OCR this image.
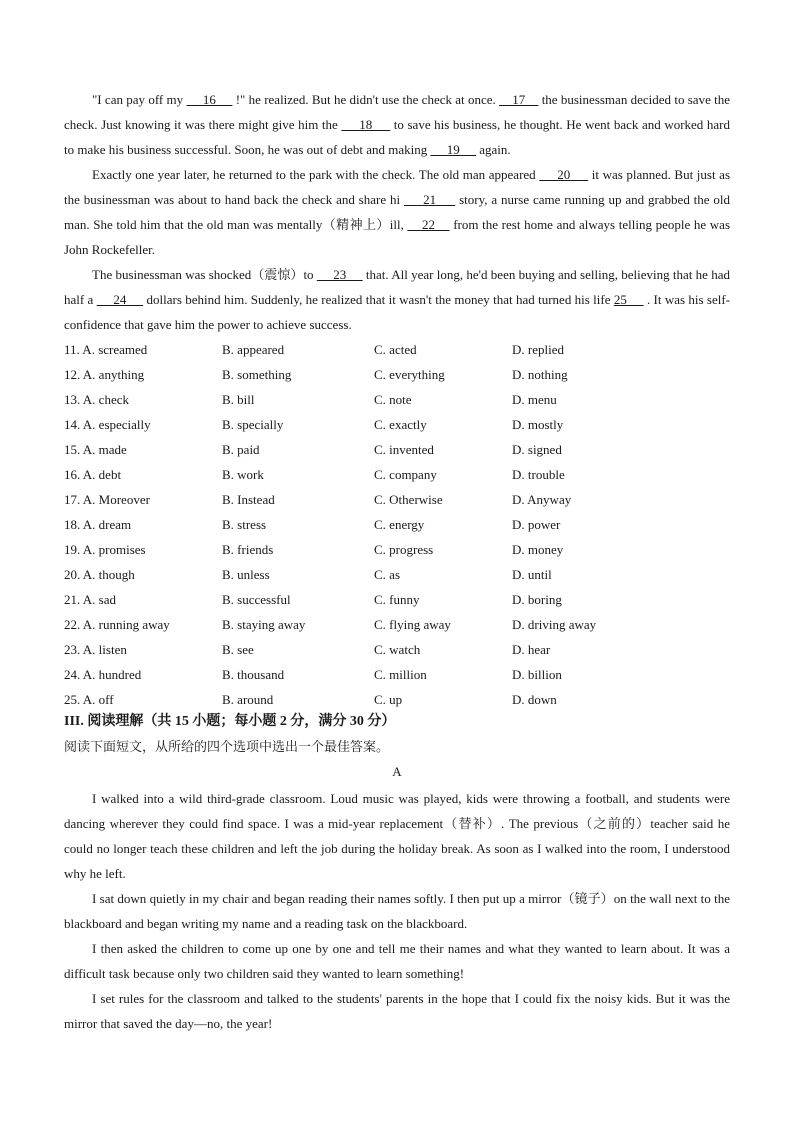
"I can pay off my      16      !" he realized. But he didn't use the check at once.     17     the businessman decided to save the check. Just knowing it was there might give him the      18      to save his business, he thought. He went back and worked hard to make his business successful. Soon, he was out of debt and making      19      again.

Exactly one year later, he returned to the park with the check. The old man appeared      20      it was planned. But just as the businessman was about to hand back the check and share hi      21      story, a nurse came running up and grabbed the old man. She told him that the old man was mentally（精神上）ill,     22     from the rest home and always telling people he was John Rockefeller.

The businessman was shocked（震惊）to      23      that. All year long, he'd been buying and selling, believing that he had half a      24      dollars behind him. Suddenly, he realized that it wasn't the money that had turned his life 25      . It was his self-confidence that gave him the power to achieve success.

11. A. screamed	B. appeared	C. acted	D. replied
12. A. anything	B. something	C. everything	D. nothing
13. A. check	B. bill	C. note	D. menu
14. A. especially	B. specially	C. exactly	D. mostly
15. A. made	B. paid	C. invented	D. signed
16. A. debt	B. work	C. company	D. trouble
17. A. Moreover	B. Instead	C. Otherwise	D. Anyway
18. A. dream	B. stress	C. energy	D. power
19. A. promises	B. friends	C. progress	D. money
20. A. though	B. unless	C. as	D. until
21. A. sad	B. successful	C. funny	D. boring
22. A. running away	B. staying away	C. flying away	D. driving away
23. A. listen	B. see	C. watch	D. hear
24. A. hundred	B. thousand	C. million	D. billion
25. A. off	B. around	C. up	D. down
III. 阅读理解（共 15 小题；每小题 2 分，满分 30 分）
阅读下面短文，从所给的四个选项中选出一个最佳答案。
A

I walked into a wild third-grade classroom. Loud music was played, kids were throwing a football, and students were dancing wherever they could find space. I was a mid-year replacement（替补）. The previous（之前的）teacher said he could no longer teach these children and left the job during the holiday break. As soon as I walked into the room, I understood why he left.

I sat down quietly in my chair and began reading their names softly. I then put up a mirror（镜子）on the wall next to the blackboard and began writing my name and a reading task on the blackboard.

I then asked the children to come up one by one and tell me their names and what they wanted to learn about. It was a difficult task because only two children said they wanted to learn something!

I set rules for the classroom and talked to the students' parents in the hope that I could fix the noisy kids. But it was the mirror that saved the day—no, the year!
